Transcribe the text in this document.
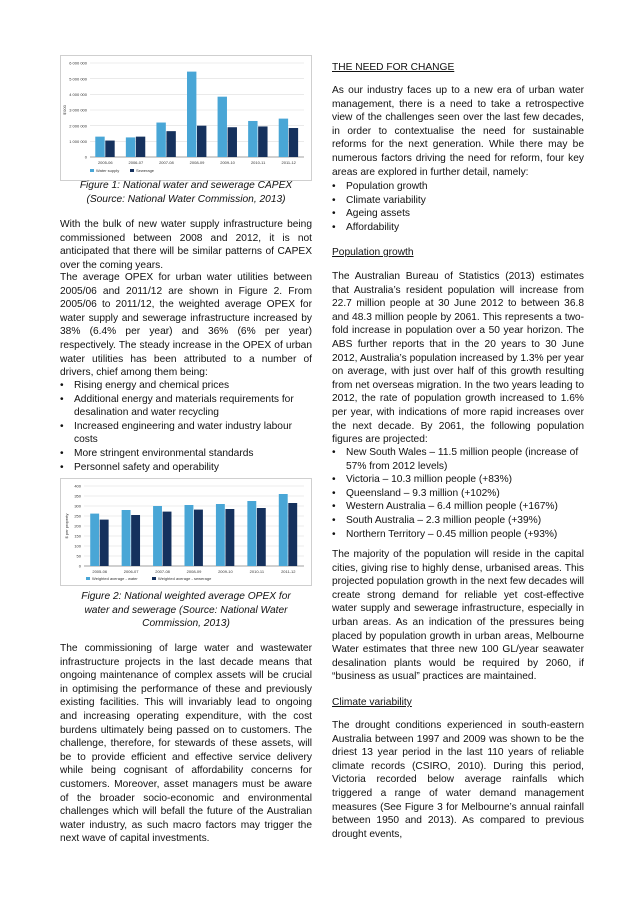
0
1 000 000
2 000 000
3 000 000
4 000 000
5 000 000
6 000 000
$'000
2005-06	2006-07	2007-08	2008-09	2009-10	2010-11	2011-12
Water supply	Sewerage

Figure 1: National water and sewerage CAPEX (Source: National Water Commission, 2013)

With the bulk of new water supply infrastructure being commissioned between 2008 and 2012, it is not anticipated that there will be similar patterns of CAPEX over the coming years.

The average OPEX for urban water utilities between 2005/06 and 2011/12 are shown in Figure 2. From 2005/06 to 2011/12, the weighted average OPEX for water supply and sewerage infrastructure increased by 38% (6.4% per year) and 36% (6% per year) respectively. The steady increase in the OPEX of urban water utilities has been attributed to a number of drivers, chief among them being:

• Rising energy and chemical prices
• Additional energy and materials requirements for desalination and water recycling
• Increased engineering and water industry labour costs
• More stringent environmental standards
• Personnel safety and operability
0
50
100
150
200
250
300
350
400
$ per property
2005-06	2006-07	2007-08	2008-09	2009-10	2010-11	2011-12
Weighted average - water	Weighted average - sewerage

Figure 2: National weighted average OPEX for water and sewerage (Source: National Water Commission, 2013)

The commissioning of large water and wastewater infrastructure projects in the last decade means that ongoing maintenance of complex assets will be crucial in optimising the performance of these and previously existing facilities. This will invariably lead to ongoing and increasing operating expenditure, with the cost burdens ultimately being passed on to customers. The challenge, therefore, for stewards of these assets, will be to provide efficient and effective service delivery while being cognisant of affordability concerns for customers. Moreover, asset managers must be aware of the broader socio-economic and environmental challenges which will befall the future of the Australian water industry, as such macro factors may trigger the next wave of capital investments.

THE NEED FOR CHANGE

As our industry faces up to a new era of urban water management, there is a need to take a retrospective view of the challenges seen over the last few decades, in order to contextualise the need for sustainable reforms for the next generation. While there may be numerous factors driving the need for reform, four key areas are explored in further detail, namely:

• Population growth
• Climate variability
• Ageing assets
• Affordability

Population growth

The Australian Bureau of Statistics (2013) estimates that Australia’s resident population will increase from 22.7 million people at 30 June 2012 to between 36.8 and 48.3 million people by 2061. This represents a two-fold increase in population over a 50 year horizon. The ABS further reports that in the 20 years to 30 June 2012, Australia’s population increased by 1.3% per year on average, with just over half of this growth resulting from net overseas migration. In the two years leading to 2012, the rate of population growth increased to 1.6% per year, with indications of more rapid increases over the next decade. By 2061, the following population figures are projected:

• New South Wales – 11.5 million people (increase of 57% from 2012 levels)
• Victoria – 10.3 million people (+83%)
• Queensland – 9.3 million (+102%)
• Western Australia – 6.4 million people (+167%)
• South Australia – 2.3 million people (+39%)
• Northern Territory – 0.45 million people (+93%)

The majority of the population will reside in the capital cities, giving rise to highly dense, urbanised areas. This projected population growth in the next few decades will create strong demand for reliable yet cost-effective water supply and sewerage infrastructure, especially in urban areas. As an indication of the pressures being placed by population growth in urban areas, Melbourne Water estimates that three new 100 GL/year seawater desalination plants would be required by 2060, if “business as usual” practices are maintained.

Climate variability

The drought conditions experienced in south-eastern Australia between 1997 and 2009 was shown to be the driest 13 year period in the last 110 years of reliable climate records (CSIRO, 2010). During this period, Victoria recorded below average rainfalls which triggered a range of water demand management measures (See Figure 3 for Melbourne’s annual rainfall between 1950 and 2013). As compared to previous drought events,
